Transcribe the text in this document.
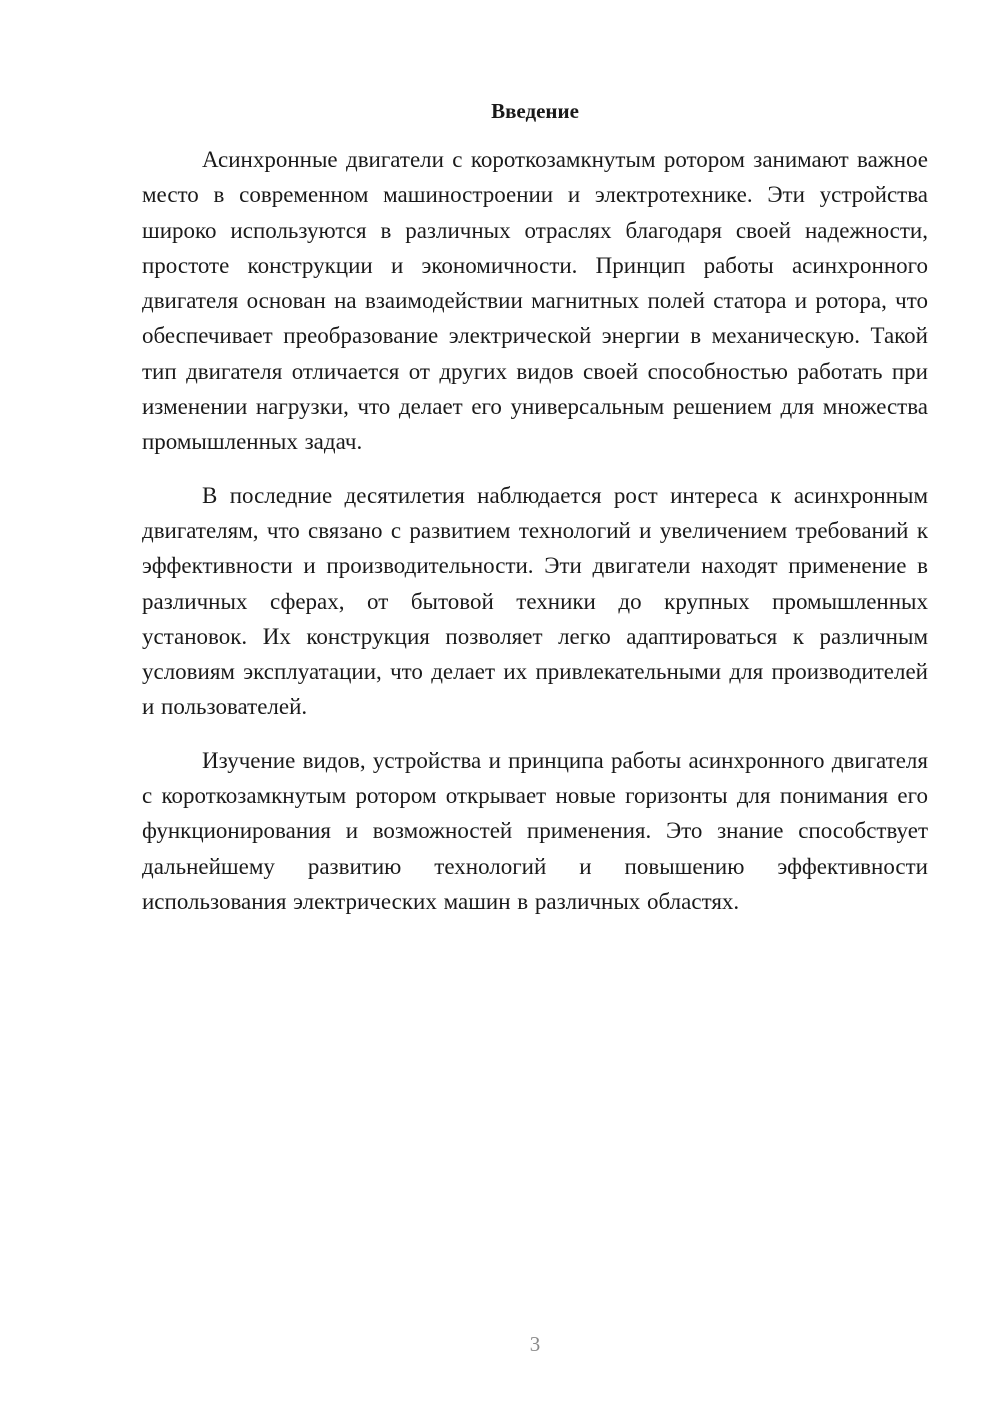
Введение

Асинхронные двигатели с короткозамкнутым ротором занимают важное место в современном машиностроении и электротехнике. Эти устройства широко используются в различных отраслях благодаря своей надежности, простоте конструкции и экономичности. Принцип работы асинхронного двигателя основан на взаимодействии магнитных полей статора и ротора, что обеспечивает преобразование электрической энергии в механическую. Такой тип двигателя отличается от других видов своей способностью работать при изменении нагрузки, что делает его универсальным решением для множества промышленных задач.

В последние десятилетия наблюдается рост интереса к асинхронным двигателям, что связано с развитием технологий и увеличением требований к эффективности и производительности. Эти двигатели находят применение в различных сферах, от бытовой техники до крупных промышленных установок. Их конструкция позволяет легко адаптироваться к различным условиям эксплуатации, что делает их привлекательными для производителей и пользователей.

Изучение видов, устройства и принципа работы асинхронного двигателя с короткозамкнутым ротором открывает новые горизонты для понимания его функционирования и возможностей применения. Это знание способствует дальнейшему развитию технологий и повышению эффективности использования электрических машин в различных областях.

3
